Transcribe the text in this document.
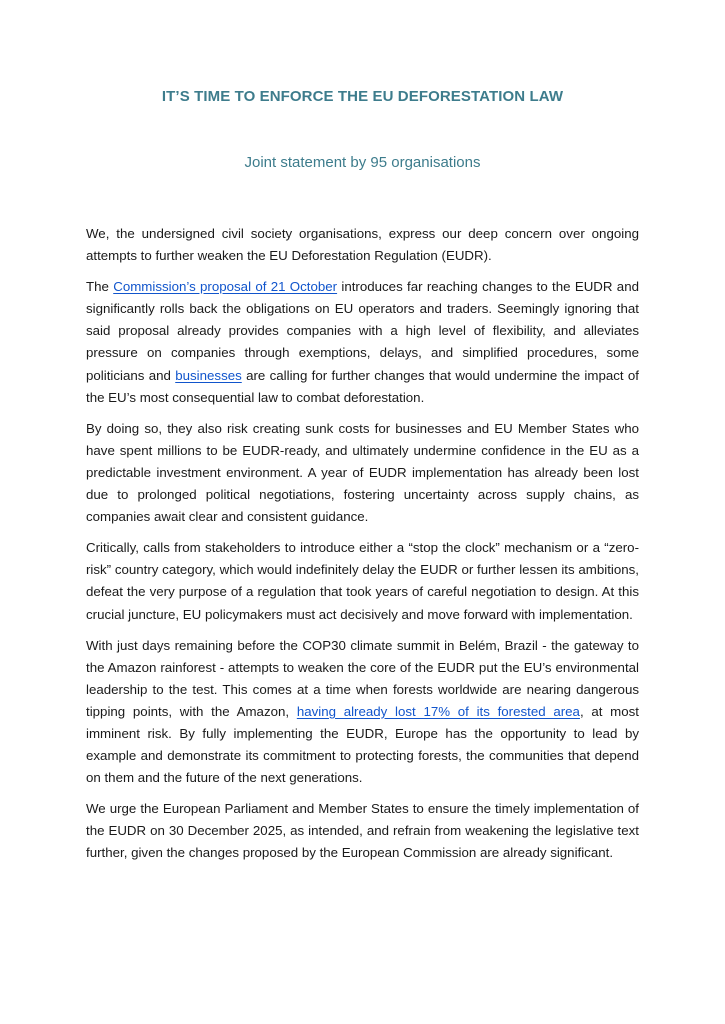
IT’S TIME TO ENFORCE THE EU DEFORESTATION LAW
Joint statement by 95 organisations

We, the undersigned civil society organisations, express our deep concern over ongoing attempts to further weaken the EU Deforestation Regulation (EUDR).

The Commission’s proposal of 21 October introduces far reaching changes to the EUDR and significantly rolls back the obligations on EU operators and traders. Seemingly ignoring that said proposal already provides companies with a high level of flexibility, and alleviates pressure on companies through exemptions, delays, and simplified procedures, some politicians and businesses are calling for further changes that would undermine the impact of the EU’s most consequential law to combat deforestation.

By doing so, they also risk creating sunk costs for businesses and EU Member States who have spent millions to be EUDR-ready, and ultimately undermine confidence in the EU as a predictable investment environment. A year of EUDR implementation has already been lost due to prolonged political negotiations, fostering uncertainty across supply chains, as companies await clear and consistent guidance.

Critically, calls from stakeholders to introduce either a “stop the clock” mechanism or a “zero-risk” country category, which would indefinitely delay the EUDR or further lessen its ambitions, defeat the very purpose of a regulation that took years of careful negotiation to design. At this crucial juncture, EU policymakers must act decisively and move forward with implementation.

With just days remaining before the COP30 climate summit in Belém, Brazil - the gateway to the Amazon rainforest - attempts to weaken the core of the EUDR put the EU’s environmental leadership to the test. This comes at a time when forests worldwide are nearing dangerous tipping points, with the Amazon, having already lost 17% of its forested area, at most imminent risk. By fully implementing the EUDR, Europe has the opportunity to lead by example and demonstrate its commitment to protecting forests, the communities that depend on them and the future of the next generations.

We urge the European Parliament and Member States to ensure the timely implementation of the EUDR on 30 December 2025, as intended, and refrain from weakening the legislative text further, given the changes proposed by the European Commission are already significant.
